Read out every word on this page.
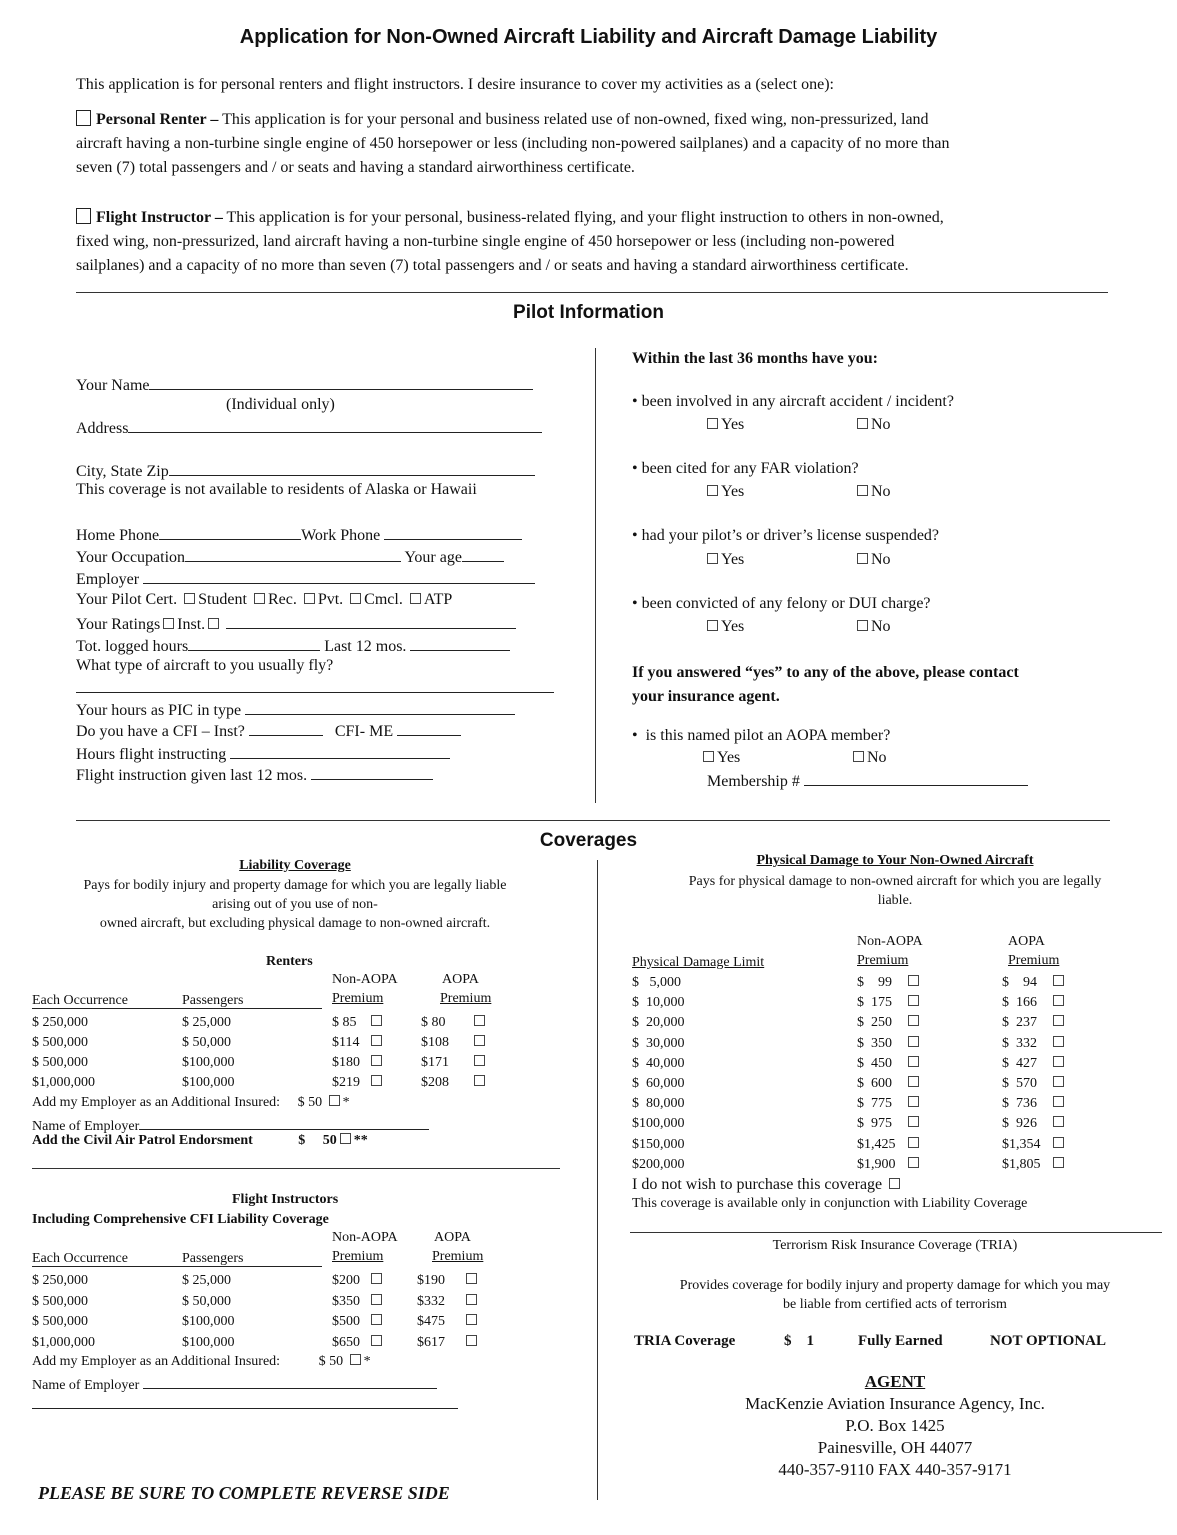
Application for Non-Owned Aircraft Liability and Aircraft Damage Liability
This application is for personal renters and flight instructors. I desire insurance to cover my activities as a (select one):
Personal Renter – This application is for your personal and business related use of non-owned, fixed wing, non-pressurized, land
aircraft having a non-turbine single engine of 450 horsepower or less (including non-powered sailplanes) and a capacity of no more than
seven (7) total passengers and / or seats and having a standard airworthiness certificate.
Flight Instructor – This application is for your personal, business-related flying, and your flight instruction to others in non-owned,
fixed wing, non-pressurized, land aircraft having a non-turbine single engine of 450 horsepower or less (including non-powered
sailplanes) and a capacity of no more than seven (7) total passengers and / or seats and having a standard airworthiness certificate.
Pilot Information
Your Name
(Individual only)
Address
City, State Zip
This coverage is not available to residents of Alaska or Hawaii
Home Phone	Work Phone
Your Occupation	Your age
Employer
Your Pilot Cert. Student Rec. Pvt. Cmcl. ATP
Your Ratings Inst.
Tot. logged hours	Last 12 mos.
What type of aircraft to you usually fly?
Your hours as PIC in type
Do you have a CFI – Inst?	CFI- ME
Hours flight instructing
Flight instruction given last 12 mos.
Within the last 36 months have you:
• been involved in any aircraft accident / incident?
Yes	No
• been cited for any FAR violation?
Yes	No
• had your pilot’s or driver’s license suspended?
Yes	No
• been convicted of any felony or DUI charge?
Yes	No
If you answered “yes” to any of the above, please contact
your insurance agent.
•  is this named pilot an AOPA member?
Yes	No
Membership #
Coverages
Liability Coverage
Pays for bodily injury and property damage for which you are legally liable
arising out of you use of non-
owned aircraft, but excluding physical damage to non-owned aircraft.
Renters
Non-AOPA	AOPA
Each Occurrence	Passengers	Premium	Premium
$ 250,000	$ 25,000	$ 85	$ 80
$ 500,000	$ 50,000	$114	$108
$ 500,000	$100,000	$180	$171
$1,000,000	$100,000	$219	$208
Add my Employer as an Additional Insured: $ 50 *
Name of Employer
Add the Civil Air Patrol Endorsment	$ 50 **
Flight Instructors
Including Comprehensive CFI Liability Coverage
Non-AOPA	AOPA
Each Occurrence	Passengers	Premium	Premium
$ 250,000	$ 25,000	$200	$190
$ 500,000	$ 50,000	$350	$332
$ 500,000	$100,000	$500	$475
$1,000,000	$100,000	$650	$617
Add my Employer as an Additional Insured:	$ 50 *
Name of Employer
PLEASE BE SURE TO COMPLETE REVERSE SIDE
Physical Damage to Your Non-Owned Aircraft
Pays for physical damage to non-owned aircraft for which you are legally
liable.
Non-AOPA	AOPA
Physical Damage Limit	Premium	Premium
$   5,000	$    99	$    94
$  10,000	$  175	$  166
$  20,000	$  250	$  237
$  30,000	$  350	$  332
$  40,000	$  450	$  427
$  60,000	$  600	$  570
$  80,000	$  775	$  736
$100,000	$  975	$  926
$150,000	$1,425	$1,354
$200,000	$1,900	$1,805
I do not wish to purchase this coverage
This coverage is available only in conjunction with Liability Coverage
Terrorism Risk Insurance Coverage (TRIA)
Provides coverage for bodily injury and property damage for which you may
be liable from certified acts of terrorism
TRIA Coverage	$    1	Fully Earned	NOT OPTIONAL
AGENT
MacKenzie Aviation Insurance Agency, Inc.
P.O. Box 1425
Painesville, OH 44077
440-357-9110 FAX 440-357-9171
